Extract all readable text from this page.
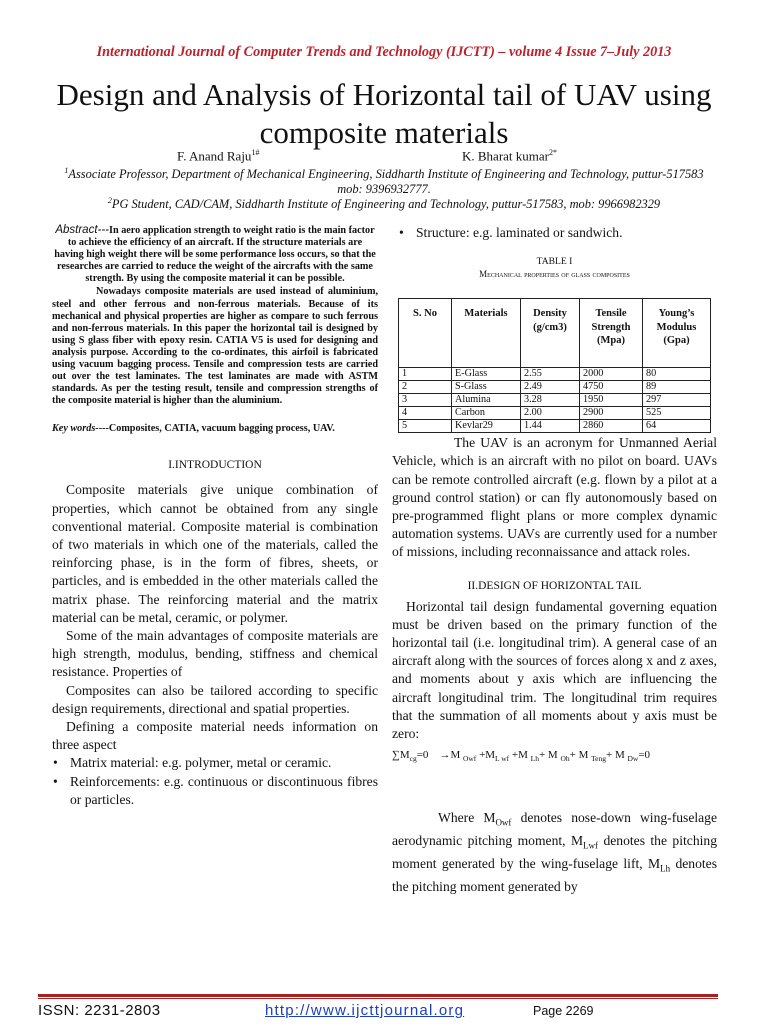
International Journal of Computer Trends and Technology (IJCTT) – volume 4 Issue 7–July 2013
Design and Analysis of Horizontal tail of UAV using composite materials
F. Anand Raju$^{1\#}$	K. Bharat kumar$^{2*}$
$^1$Associate Professor, Department of Mechanical Engineering, Siddharth Institute of Engineering and Technology, puttur-517583 mob: 9396932777.
$^2$PG Student, CAD/CAM, Siddharth Institute of Engineering and Technology, puttur-517583, mob: 9966982329
Abstract---In aero application strength to weight ratio is the main factor to achieve the efficiency of an aircraft. If the structure materials are having high weight there will be some performance loss occurs, so that the researches are carried to reduce the weight of the aircrafts with the same strength. By using the composite material it can be possible.
Nowadays composite materials are used instead of aluminium, steel and other ferrous and non-ferrous materials. Because of its mechanical and physical properties are higher as compare to such ferrous and non-ferrous materials. In this paper the horizontal tail is designed by using S glass fiber with epoxy resin. CATIA V5 is used for designing and analysis purpose. According to the co-ordinates, this airfoil is fabricated using vacuum bagging process. Tensile and compression tests are carried out over the test laminates. The test laminates are made with ASTM standards. As per the testing result, tensile and compression strengths of the composite material is higher than the aluminium.
Key words----Composites, CATIA, vacuum bagging process, UAV.
I.INTRODUCTION

Composite materials give unique combination of properties, which cannot be obtained from any single conventional material. Composite material is combination of two materials in which one of the materials, called the reinforcing phase, is in the form of fibres, sheets, or particles, and is embedded in the other materials called the matrix phase. The reinforcing material and the matrix material can be metal, ceramic, or polymer.

Some of the main advantages of composite materials are high strength, modulus, bending, stiffness and chemical resistance. Properties of

Composites can also be tailored according to specific design requirements, directional and spatial properties.

Defining a composite material needs information on three aspect

• Matrix material: e.g. polymer, metal or ceramic.
• Reinforcements: e.g. continuous or discontinuous fibres or particles.
• Structure: e.g. laminated or sandwich.
TABLE I
Mechanical properties of glass composites
S. No	Materials	Density (g/cm3)	Tensile Strength (Mpa)	Young’s Modulus (Gpa)
1	E-Glass	2.55	2000	80
2	S-Glass	2.49	4750	89
3	Alumina	3.28	1950	297
4	Carbon	2.00	2900	525
5	Kevlar29	1.44	2860	64

The UAV is an acronym for Unmanned Aerial Vehicle, which is an aircraft with no pilot on board. UAVs can be remote controlled aircraft (e.g. flown by a pilot at a ground control station) or can fly autonomously based on pre-programmed flight plans or more complex dynamic automation systems. UAVs are currently used for a number of missions, including reconnaissance and attack roles.

II.DESIGN OF HORIZONTAL TAIL

Horizontal tail design fundamental governing equation must be driven based on the primary function of the horizontal tail (i.e. longitudinal trim). A general case of an aircraft along with the sources of forces along x and z axes, and moments about y axis which are influencing the aircraft longitudinal trim. The longitudinal trim requires that the summation of all moments about y axis must be zero:

$\sum M_{cg}=0 \to M$ $_{Owf} +M_{L wf} +M$ $_{Lh}$+ M $_{Oh}$+ M $_{Teng}$+ M $_{Dw}$=0

Where $M_{Owf}$ denotes nose-down wing-fuselage aerodynamic pitching moment, $M_{Lwf}$ denotes the pitching moment generated by the wing-fuselage lift, $M_{Lh}$ denotes the pitching moment generated by

ISSN: 2231-2803	http://www.ijcttjournal.org	Page 2269
